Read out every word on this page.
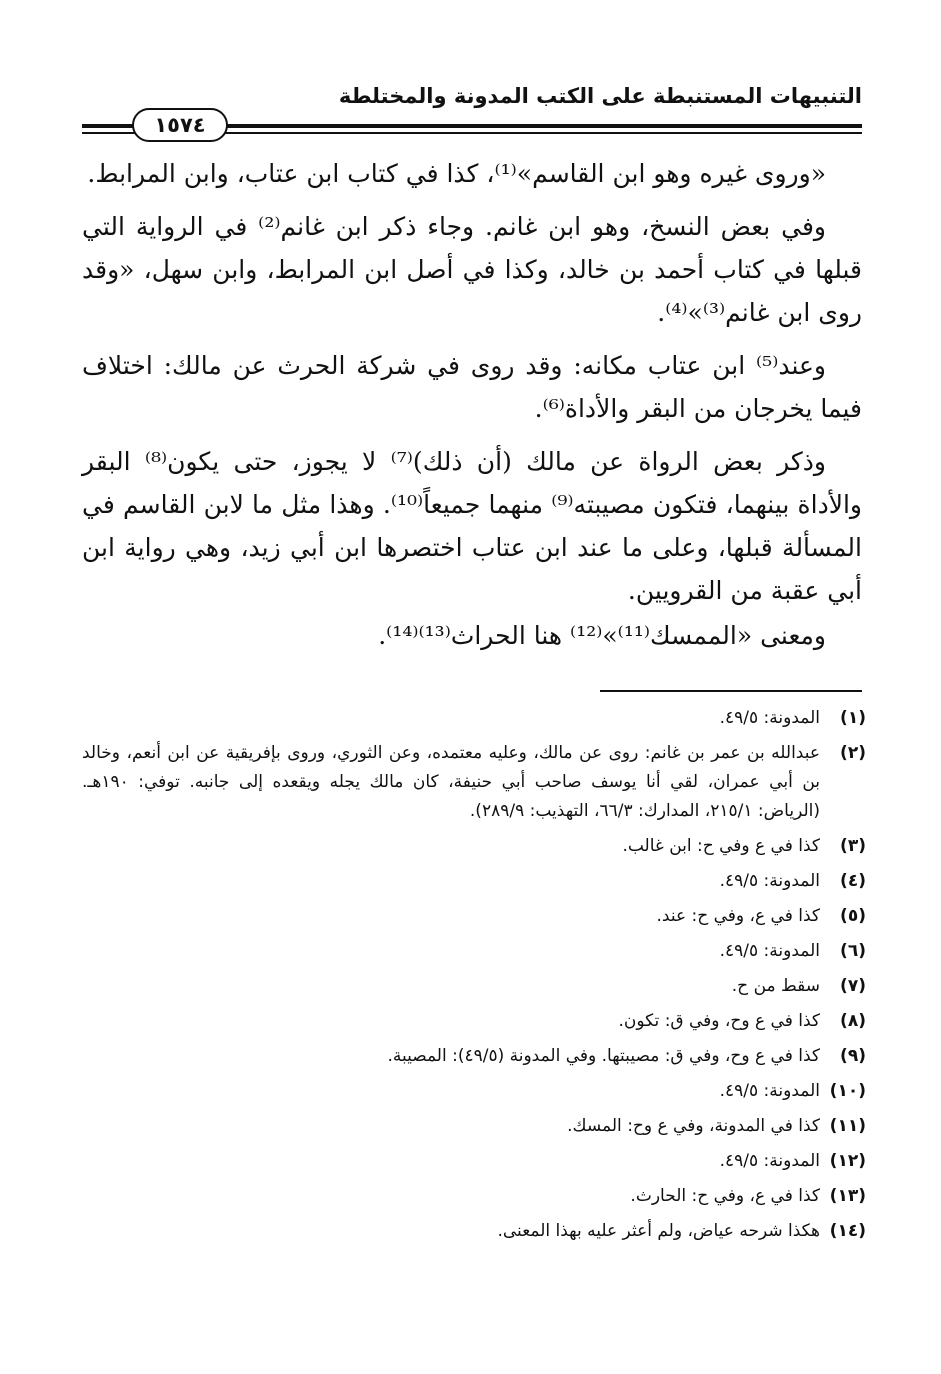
التنبيهات المستنبطة على الكتب المدونة والمختلطة
١٥٧٤

«وروى غيره وهو ابن القاسم»⁽¹⁾، كذا في كتاب ابن عتاب، وابن المرابط.

وفي بعض النسخ، وهو ابن غانم. وجاء ذكر ابن غانم⁽²⁾ في الرواية التي قبلها في كتاب أحمد بن خالد، وكذا في أصل ابن المرابط، وابن سهل، «وقد روى ابن غانم⁽³⁾»⁽⁴⁾.

وعند⁽⁵⁾ ابن عتاب مكانه: وقد روى في شركة الحرث عن مالك: اختلاف فيما يخرجان من البقر والأداة⁽⁶⁾.

وذكر بعض الرواة عن مالك (أن ذلك)⁽⁷⁾ لا يجوز، حتى يكون⁽⁸⁾ البقر والأداة بينهما، فتكون مصيبته⁽⁹⁾ منهما جميعاً⁽¹⁰⁾. وهذا مثل ما لابن القاسم في المسألة قبلها، وعلى ما عند ابن عتاب اختصرها ابن أبي زيد، وهي رواية ابن أبي عقبة من القرويين.

ومعنى «الممسك⁽¹¹⁾»⁽¹²⁾ هنا الحراث⁽¹³⁾⁽¹⁴⁾.

(١)
المدونة: ٤٩/٥.
(٢)
عبدالله بن عمر بن غانم: روى عن مالك، وعليه معتمده، وعن الثوري، وروى بإفريقية عن ابن أنعم، وخالد بن أبي عمران، لقي أنا يوسف صاحب أبي حنيفة، كان مالك يجله ويقعده إلى جانبه. توفي: ١٩٠هـ. (الرياض: ٢١٥/١، المدارك: ٦٦/٣، التهذيب: ٢٨٩/٩).
(٣)
كذا في ع وفي ح: ابن غالب.
(٤)
المدونة: ٤٩/٥.
(٥)
كذا في ع، وفي ح: عند.
(٦)
المدونة: ٤٩/٥.
(٧)
سقط من ح.
(٨)
كذا في ع وح، وفي ق: تكون.
(٩)
كذا في ع وح، وفي ق: مصيبتها. وفي المدونة (٤٩/٥): المصيبة.
(١٠)
المدونة: ٤٩/٥.
(١١)
كذا في المدونة، وفي ع وح: المسك.
(١٢)
المدونة: ٤٩/٥.
(١٣)
كذا في ع، وفي ح: الحارث.
(١٤)
هكذا شرحه عياض، ولم أعثر عليه بهذا المعنى.
